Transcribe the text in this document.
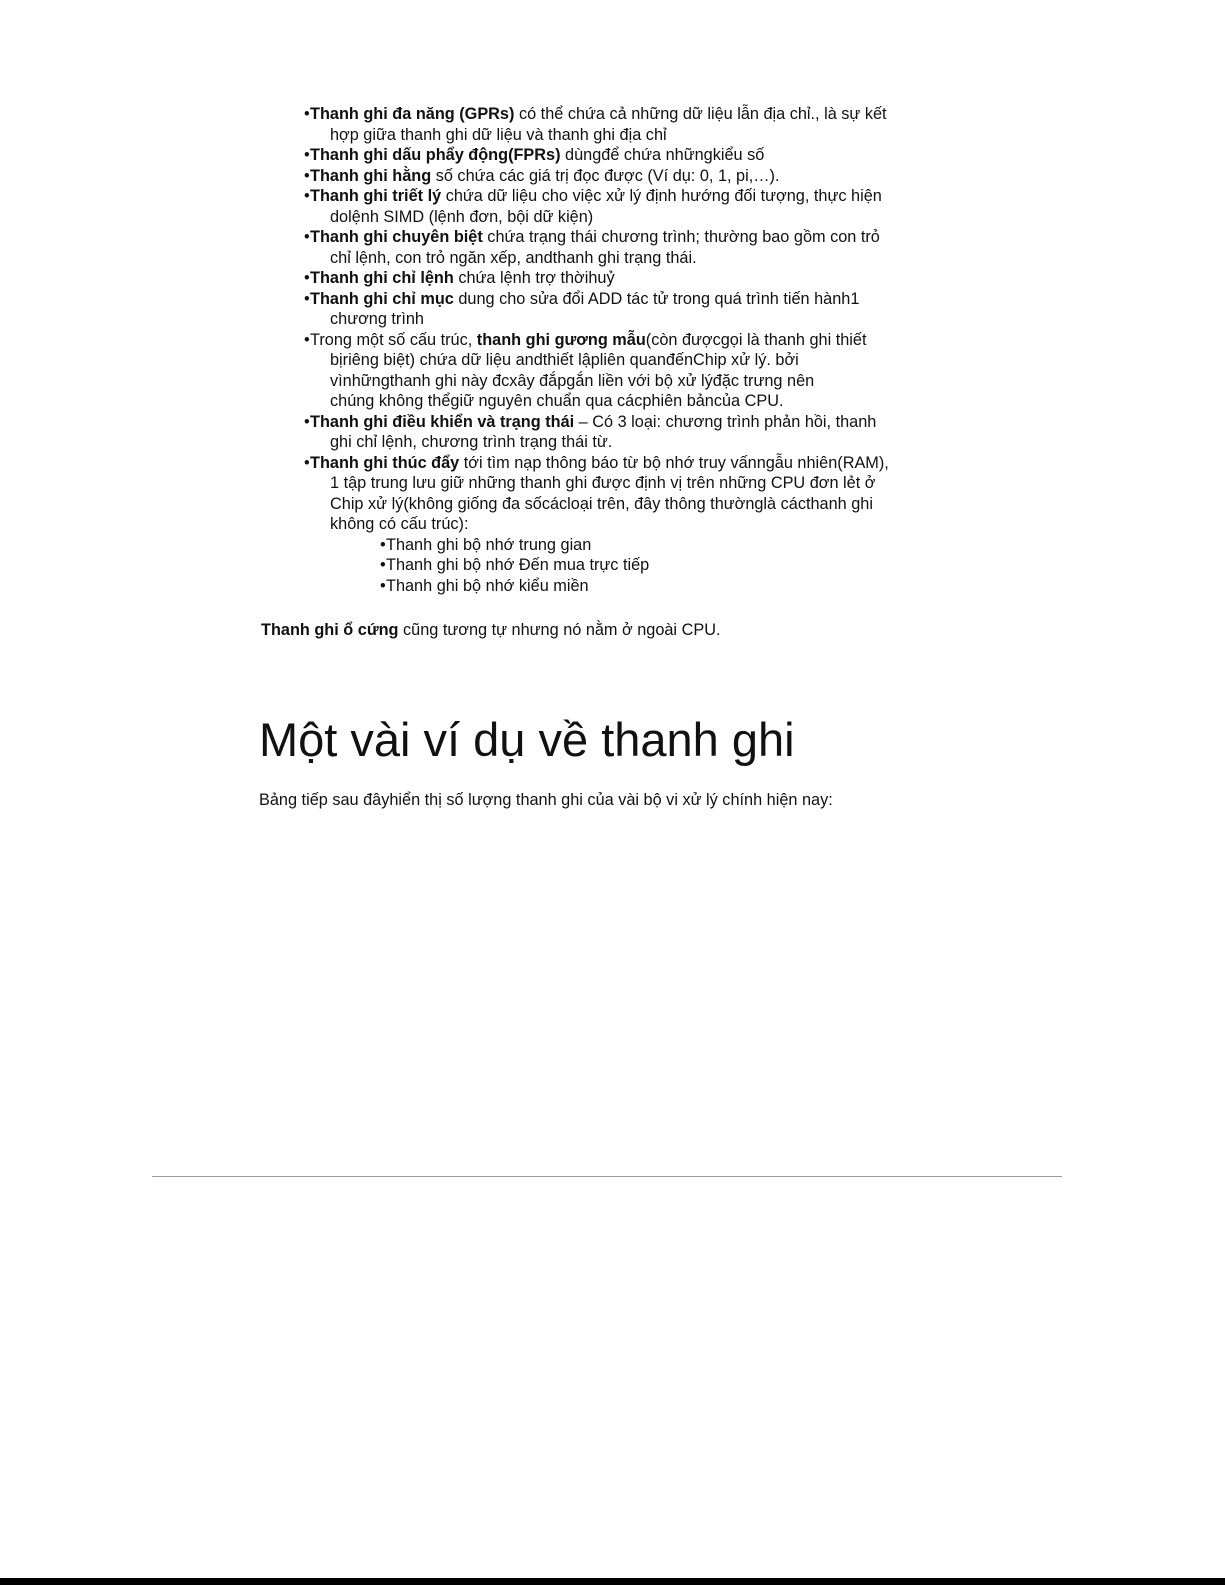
• Thanh ghi đa năng (GPRs) có thể chứa cả những dữ liệu lẫn địa chỉ., là sự kết
hợp giữa thanh ghi dữ liệu và thanh ghi địa chỉ
• Thanh ghi dấu phẩy động(FPRs) dùngđể chứa nhữngkiểu số
• Thanh ghi hằng số chứa các giá trị đọc được (Ví dụ: 0, 1, pi,…).
• Thanh ghi triết lý chứa dữ liệu cho việc xử lý định hướng đối tượng, thực hiện
dolệnh SIMD (lệnh đơn, bội dữ kiện)
• Thanh ghi chuyên biệt chứa trạng thái chương trình; thường bao gồm con trỏ
chỉ lệnh, con trỏ ngăn xếp, andthanh ghi trạng thái.
• Thanh ghi chỉ lệnh chứa lệnh trợ thờihuỷ
• Thanh ghi chỉ mục dung cho sửa đổi ADD tác tử trong quá trình tiến hành1
chương trình
• Trong một số cấu trúc, thanh ghi gương mẫu(còn đượcgọi là thanh ghi thiết
bịriêng biệt) chứa dữ liệu andthiết lậpliên quanđếnChip xử lý. bởi
vìnhữngthanh ghi này đcxây đắpgắn liền với bộ xử lýđặc trưng nên
chúng không thểgiữ nguyên chuẩn qua cácphiên bảncủa CPU.
• Thanh ghi điều khiển và trạng thái – Có 3 loại: chương trình phản hồi, thanh
ghi chỉ lệnh, chương trình trạng thái từ.
• Thanh ghi thúc đẩy tới tìm nạp thông báo từ bộ nhớ truy vấnngẫu nhiên(RAM),
1 tập trung lưu giữ những thanh ghi được định vị trên những CPU đơn lẻt ở
Chip xử lý(không giống đa sốcácloại trên, đây thông thườnglà cácthanh ghi
không có cấu trúc):
• Thanh ghi bộ nhớ trung gian
• Thanh ghi bộ nhớ Đến mua trực tiếp
• Thanh ghi bộ nhớ kiểu miền

Thanh ghi ổ cứng cũng tương tự nhưng nó nằm ở ngoài CPU.

Một vài ví dụ về thanh ghi

Bảng tiếp sau đâyhiển thị số lượng thanh ghi của vài bộ vi xử lý chính hiện nay:
